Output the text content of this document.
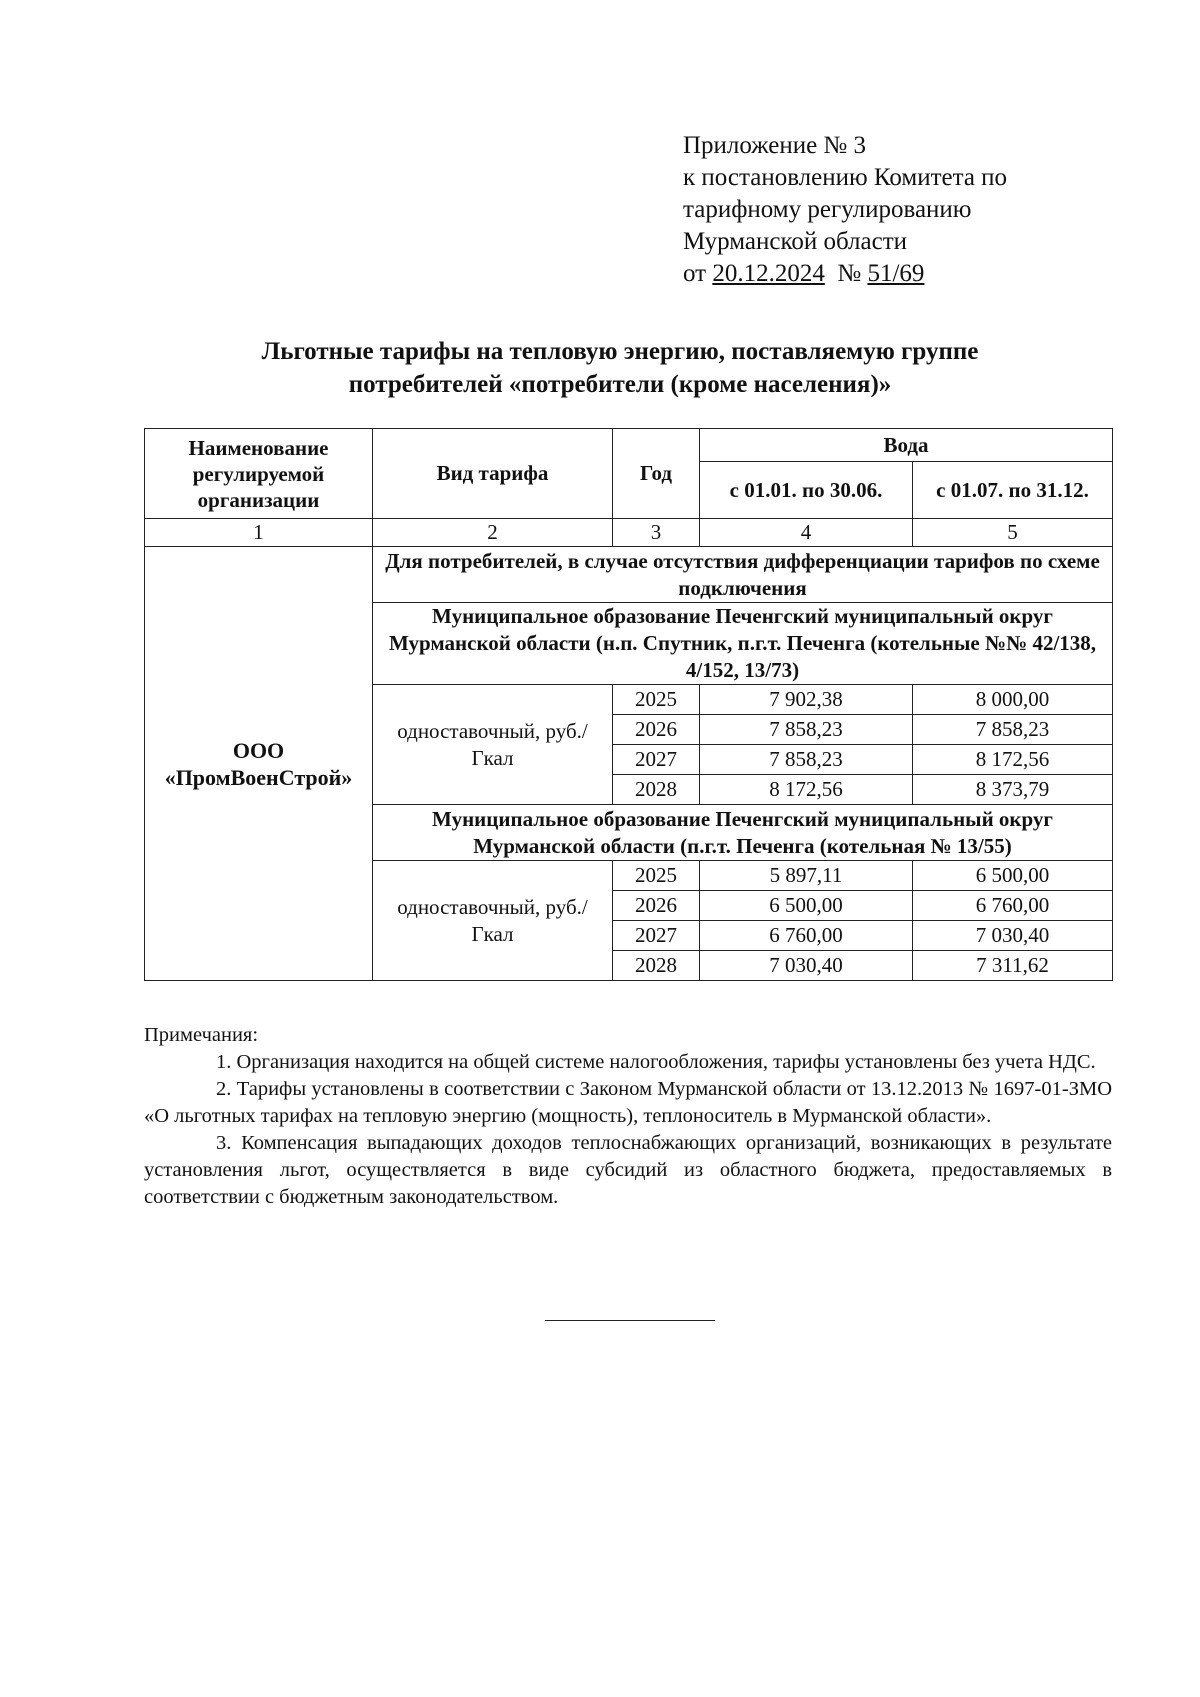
Приложение № 3
к постановлению Комитета по
тарифному регулированию
Мурманской области
от 20.12.2024 № 51/69
Льготные тарифы на тепловую энергию, поставляемую группе
потребителей «потребители (кроме населения)»
Наименование регулируемой организации	Вид тарифа	Год	Вода	
			с 01.01. по 30.06.	с 01.07. по 31.12.
1	2	3	4	5
ООО «ПромВоенСтрой»	Для потребителей, в случае отсутствия дифференциации тарифов по схеме подключения			
	Муниципальное образование Печенгский муниципальный округ Мурманской области (н.п. Спутник, п.г.т. Печенга (котельные №№ 42/138, 4/152, 13/73)			
	одноставочный, руб./Гкал	2025	7 902,38	8 000,00
		2026	7 858,23	7 858,23
		2027	7 858,23	8 172,56
		2028	8 172,56	8 373,79
	Муниципальное образование Печенгский муниципальный округ Мурманской области (п.г.т. Печенга (котельная № 13/55)			
	одноставочный, руб./Гкал	2025	5 897,11	6 500,00
		2026	6 500,00	6 760,00
		2027	6 760,00	7 030,40
		2028	7 030,40	7 311,62

Примечания:

1. Организация находится на общей системе налогообложения, тарифы установлены без учета НДС.

2. Тарифы установлены в соответствии с Законом Мурманской области от 13.12.2013 № 1697-01-ЗМО «О льготных тарифах на тепловую энергию (мощность), теплоноситель в Мурманской области».

3. Компенсация выпадающих доходов теплоснабжающих организаций, возникающих в результате установления льгот, осуществляется в виде субсидий из областного бюджета, предоставляемых в соответствии с бюджетным законодательством.
